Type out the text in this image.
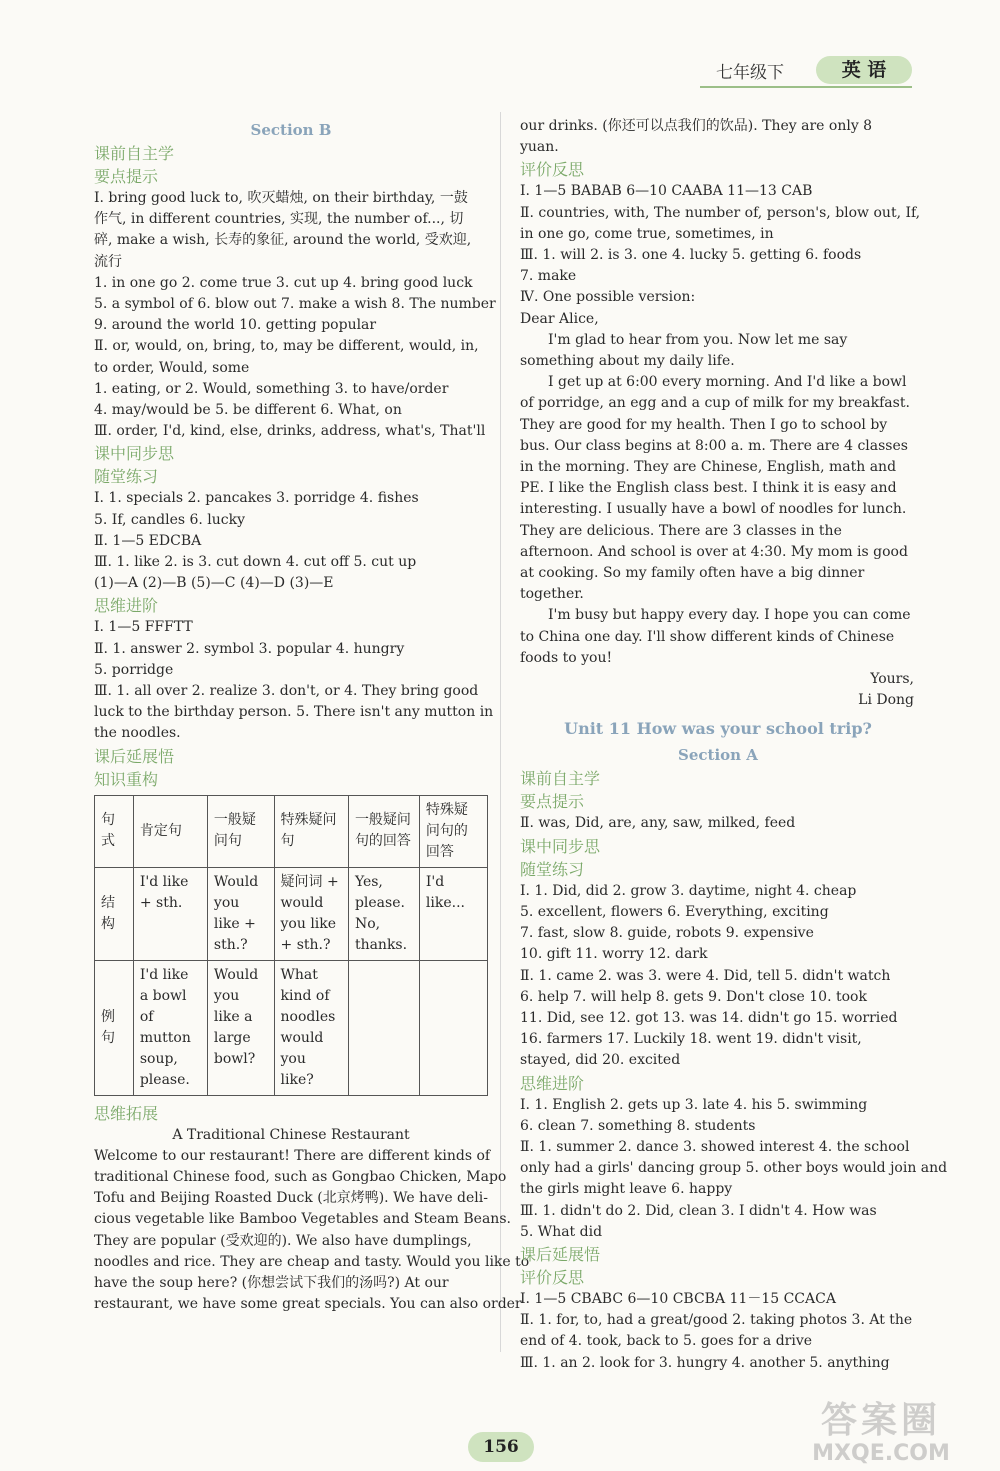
七年级下	英 语
Section B
课前自主学
要点提示
Ⅰ. bring good luck to, 吹灭蜡烛, on their birthday, 一鼓
作气, in different countries, 实现, the number of..., 切
碎, make a wish, 长寿的象征, around the world, 受欢迎,
流行
1. in one go 2. come true 3. cut up 4. bring good luck
5. a symbol of 6. blow out 7. make a wish 8. The number
9. around the world 10. getting popular
Ⅱ. or, would, on, bring, to, may be different, would, in,
to order, Would, some
1. eating, or 2. Would, something 3. to have/order
4. may/would be 5. be different 6. What, on
Ⅲ. order, I'd, kind, else, drinks, address, what's, That'll
课中同步思
随堂练习
Ⅰ. 1. specials 2. pancakes 3. porridge 4. fishes
5. If, candles 6. lucky
Ⅱ. 1—5 EDCBA
Ⅲ. 1. like 2. is 3. cut down 4. cut off 5. cut up
(1)—A (2)—B (5)—C (4)—D (3)—E
思维进阶
Ⅰ. 1—5 FFFTT
Ⅱ. 1. answer 2. symbol 3. popular 4. hungry
5. porridge
Ⅲ. 1. all over 2. realize 3. don't, or 4. They bring good
luck to the birthday person. 5. There isn't any mutton in
the noodles.
课后延展悟
知识重构
句式	肯定句	一般疑问句	特殊疑问句	一般疑问句的回答	特殊疑问句的回答
结构	I'd like + sth.	Would you like + sth.?	疑问词 + would you like + sth.?	Yes, please. No, thanks.	I'd like...
例句	I'd like a bowl of mutton soup, please.	Would you like a large bowl?	What kind of noodles would you like?		
思维拓展
A Traditional Chinese Restaurant
Welcome to our restaurant! There are different kinds of
traditional Chinese food, such as Gongbao Chicken, Mapo
Tofu and Beijing Roasted Duck (北京烤鸭). We have deli-
cious vegetable like Bamboo Vegetables and Steam Beans.
They are popular (受欢迎的). We also have dumplings,
noodles and rice. They are cheap and tasty. Would you like to
have the soup here? (你想尝试下我们的汤吗?) At our
restaurant, we have some great specials. You can also order
our drinks. (你还可以点我们的饮品). They are only 8
yuan.
评价反思
Ⅰ. 1—5 BABAB 6—10 CAABA 11—13 CAB
Ⅱ. countries, with, The number of, person's, blow out, If,
in one go, come true, sometimes, in
Ⅲ. 1. will 2. is 3. one 4. lucky 5. getting 6. foods
7. make
Ⅳ. One possible version:
Dear Alice,
I'm glad to hear from you. Now let me say something about my daily life.
I get up at 6:00 every morning. And I'd like a bowl of porridge, an egg and a cup of milk for my breakfast. They are good for my health. Then I go to school by bus. Our class begins at 8:00 a. m. There are 4 classes in the morning. They are Chinese, English, math and PE. I like the English class best. I think it is easy and interesting. I usually have a bowl of noodles for lunch. They are delicious. There are 3 classes in the afternoon. And school is over at 4:30. My mom is good at cooking. So my family often have a big dinner together.
I'm busy but happy every day. I hope you can come to China one day. I'll show different kinds of Chinese foods to you!
Yours,
Li Dong
Unit 11 How was your school trip?
Section A
课前自主学
要点提示
Ⅱ. was, Did, are, any, saw, milked, feed
课中同步思
随堂练习
Ⅰ. 1. Did, did 2. grow 3. daytime, night 4. cheap
5. excellent, flowers 6. Everything, exciting
7. fast, slow 8. guide, robots 9. expensive
10. gift 11. worry 12. dark
Ⅱ. 1. came 2. was 3. were 4. Did, tell 5. didn't watch
6. help 7. will help 8. gets 9. Don't close 10. took
11. Did, see 12. got 13. was 14. didn't go 15. worried
16. farmers 17. Luckily 18. went 19. didn't visit,
stayed, did 20. excited
思维进阶
Ⅰ. 1. English 2. gets up 3. late 4. his 5. swimming
6. clean 7. something 8. students
Ⅱ. 1. summer 2. dance 3. showed interest 4. the school
only had a girls' dancing group 5. other boys would join and
the girls might leave 6. happy
Ⅲ. 1. didn't do 2. Did, clean 3. I didn't 4. How was
5. What did
课后延展悟
评价反思
Ⅰ. 1—5 CBABC 6—10 CBCBA 11－15 CCACA
Ⅱ. 1. for, to, had a great/good 2. taking photos 3. At the
end of 4. took, back to 5. goes for a drive
Ⅲ. 1. an 2. look for 3. hungry 4. another 5. anything
156
答案圈
MXQE.COM
